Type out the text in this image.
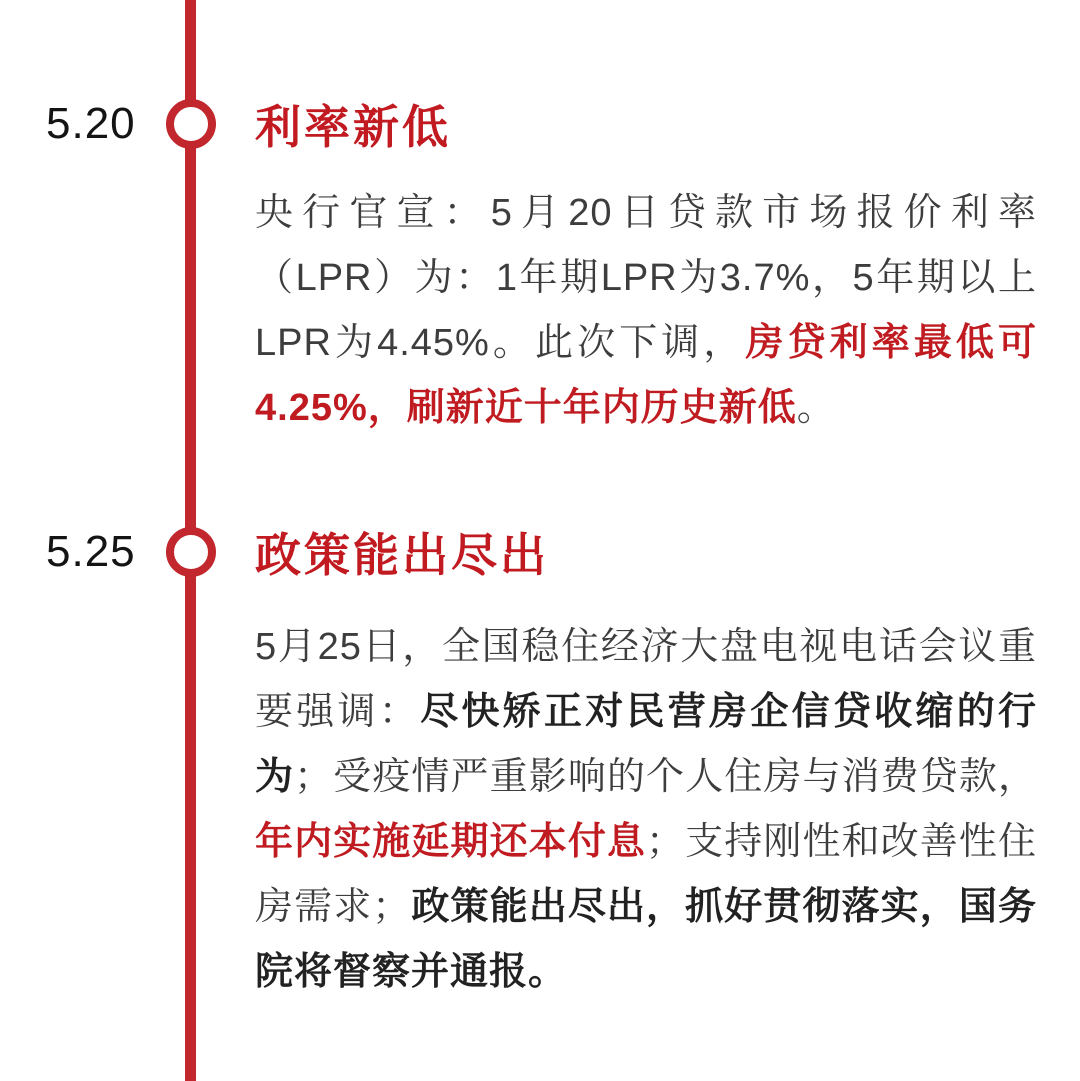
5.20	利率新低

央行官宣：5月20日贷款市场报价利率（LPR）为：1年期LPR为3.7%，5年期以上LPR为4.45%。此次下调，房贷利率最低可4.25%，刷新近十年内历史新低。

5.25	政策能出尽出

5月25日，全国稳住经济大盘电视电话会议重要强调：尽快矫正对民营房企信贷收缩的行为；受疫情严重影响的个人住房与消费贷款，年内实施延期还本付息；支持刚性和改善性住房需求；政策能出尽出，抓好贯彻落实，国务院将督察并通报。
